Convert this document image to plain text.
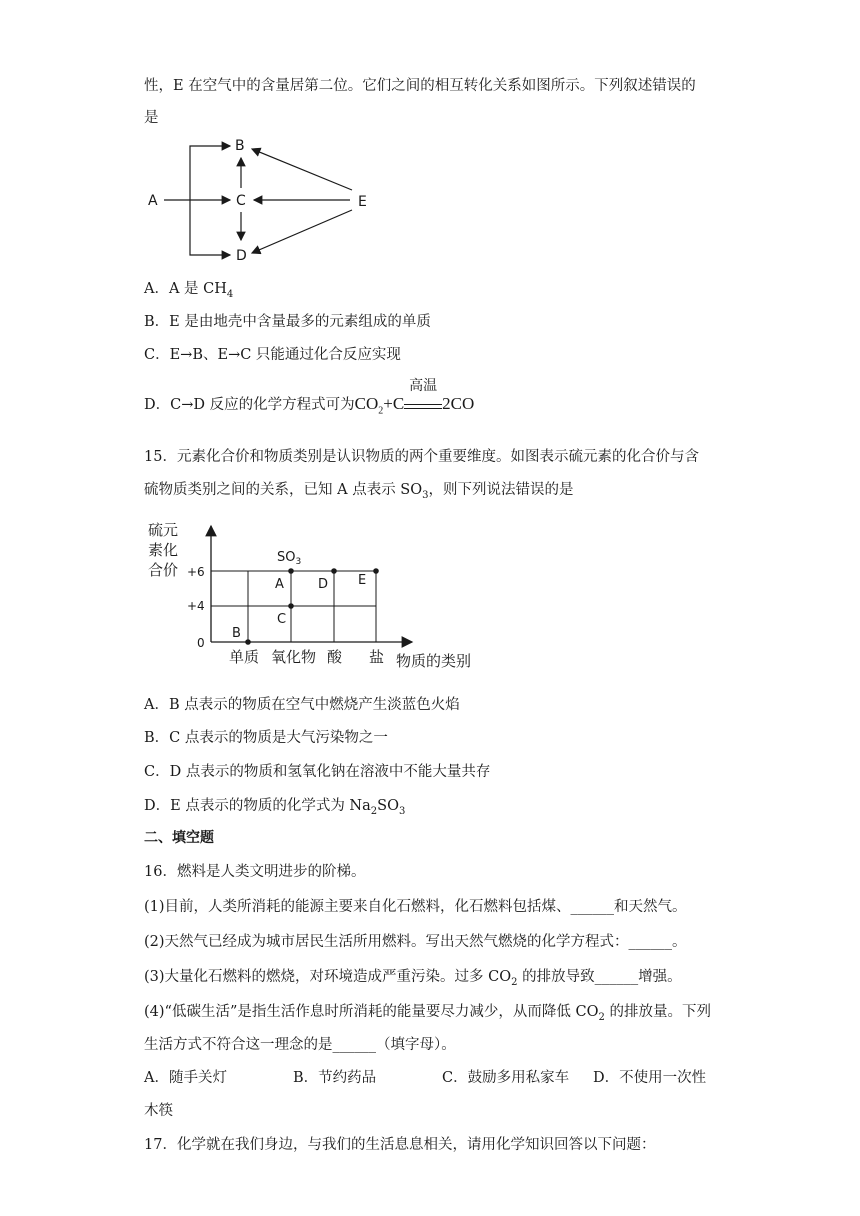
性，E 在空气中的含量居第二位。它们之间的相互转化关系如图所示。下列叙述错误的
是
A
B
C
D
E
A．A 是 $CH_4$
B．E 是由地壳中含量最多的元素组成的单质
C．E→B、E→C 只能通过化合反应实现
D．C→D 反应的化学方程式可为$CO_2+C$
高温
2CO
15．元素化合价和物质类别是认识物质的两个重要维度。如图表示硫元素的化合价与含
硫物质类别之间的关系，已知 A 点表示 $SO_3$，则下列说法错误的是
硫元
素化
合价 +6
+4
0
A
B
C
D E
$SO_3$
单质 氧化物 酸 盐 物质的类别
A．B 点表示的物质在空气中燃烧产生淡蓝色火焰
B．C 点表示的物质是大气污染物之一
C．D 点表示的物质和氢氧化钠在溶液中不能大量共存
D．E 点表示的物质的化学式为 $Na_2SO_3$
二、填空题
16．燃料是人类文明进步的阶梯。
(1)目前，人类所消耗的能源主要来自化石燃料，化石燃料包括煤、______和天然气。
(2)天然气已经成为城市居民生活所用燃料。写出天然气燃烧的化学方程式：______。
(3)大量化石燃料的燃烧，对环境造成严重污染。过多 $CO_2$ 的排放导致______增强。
(4)“低碳生活”是指生活作息时所消耗的能量要尽力减少，从而降低 $CO_2$ 的排放量。下列
生活方式不符合这一理念的是______（填字母）。
A．随手关灯	B．节约药品	C．鼓励多用私家车 D．不使用一次性
木筷
17．化学就在我们身边，与我们的生活息息相关，请用化学知识回答以下问题：
